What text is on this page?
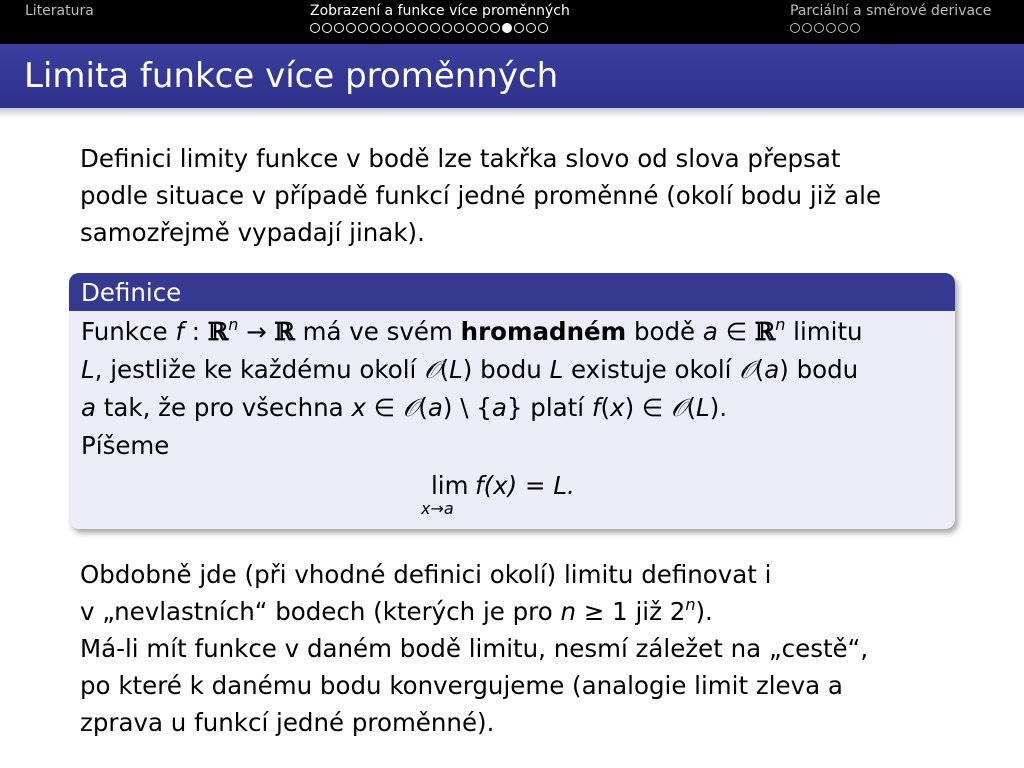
Literatura	Zobrazení a funkce více proměnných	Parciální a směrové derivace
Limita funkce více proměnných
Definici limity funkce v bodě lze takřka slovo od slova přepsat
podle situace v případě funkcí jedné proměnné (okolí bodu již ale
samozřejmě vypadají jinak).
Definice
Funkce f : ℝ$^n$ → ℝ má ve svém hromadném bodě a ∈ ℝ$^n$ limitu
L, jestliže ke každému okolí 𝒪(L) bodu L existuje okolí 𝒪(a) bodu
a tak, že pro všechna x ∈ 𝒪(a) \ {a} platí f(x) ∈ 𝒪(L).
Píšeme
lim
x→a
f(x) = L.
Obdobně jde (při vhodné definici okolí) limitu definovat i
v „nevlastních“ bodech (kterých je pro n ≥ 1 již 2$^n$).
Má-li mít funkce v daném bodě limitu, nesmí záležet na „cestě“,
po které k danému bodu konvergujeme (analogie limit zleva a
zprava u funkcí jedné proměnné).
